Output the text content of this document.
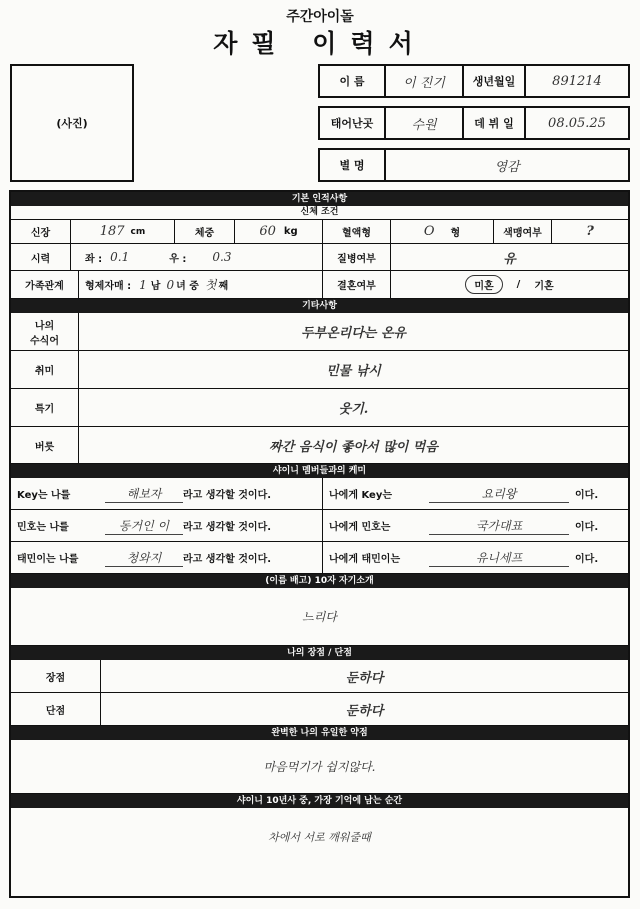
주간아이돌
자필 이력서
(사진)
이 름	이 진기	생년월일	891214
태어난곳	수원	데 뷔 일	08.05.25
별 명	영감
기본 인적사항
신체 조건
신장	187 cm	체중	60 kg	혈액형	O 형	색맹여부	?
시력	좌 : 0.1	우 : 0.3	질병여부	유
가족관계	형제자매 : 1 남 0 녀 중 첫 째	결혼여부	미혼	/ 기혼
기타사항
나의
수식어	두부온리다는 온유
취미	민물 낚시
특기	웃기.
버릇	짜간 음식이 좋아서 많이 먹음
샤이니 멤버들과의 케미
Key는 나를	해보자	라고 생각할 것이다.	나에게 Key는	요리왕	이다.
민호는 나를	동거인 이	라고 생각할 것이다.	나에게 민호는	국가대표	이다.
태민이는 나를	청와지	라고 생각할 것이다.	나에게 태민이는	유니세프	이다.
(이름 배고) 10자 자기소개
느리다
나의 장점 / 단점
장점	둔하다
단점	둔하다
완벽한 나의 유일한 약점
마음먹기가 쉽지않다.
샤이니 10년사 중, 가장 기억에 남는 순간
차에서 서로 깨워줄때
